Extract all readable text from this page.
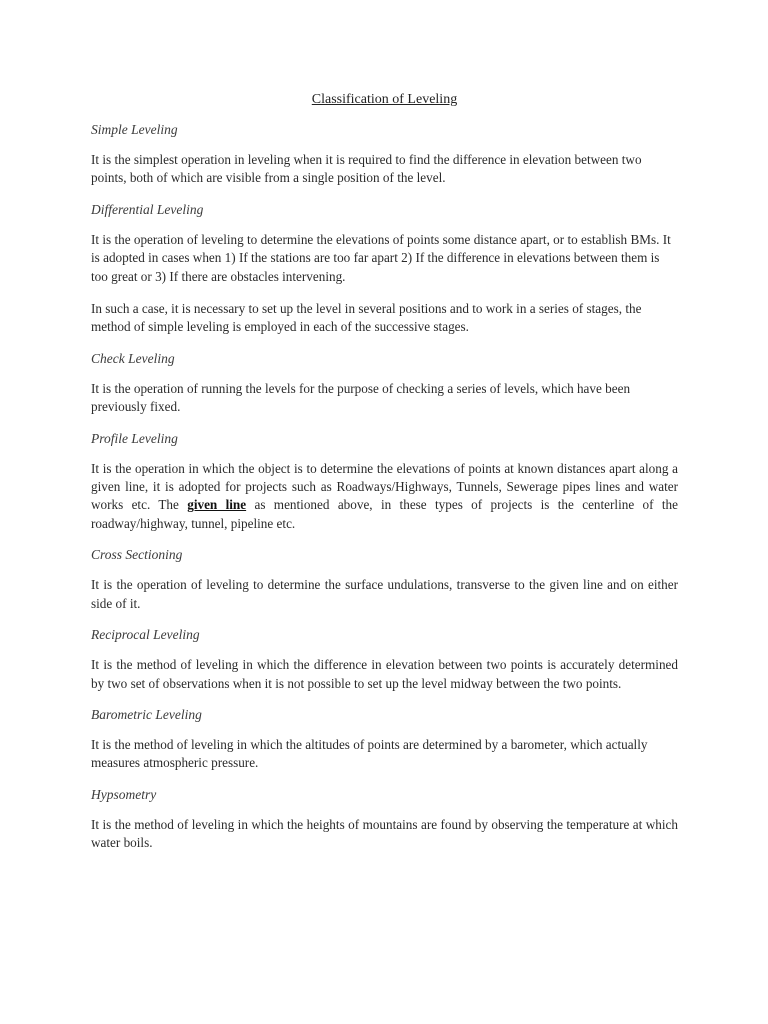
Classification of Leveling
Simple Leveling
It is the simplest operation in leveling when it is required to find the difference in elevation between two points, both of which are visible from a single position of the level.
Differential Leveling
It is the operation of leveling to determine the elevations of points some distance apart, or to establish BMs. It is adopted in cases when 1) If the stations are too far apart 2) If the difference in elevations between them is too great or 3) If there are obstacles intervening.
In such a case, it is necessary to set up the level in several positions and to work in a series of stages, the method of simple leveling is employed in each of the successive stages.
Check Leveling
It is the operation of running the levels for the purpose of checking a series of levels, which have been previously fixed.
Profile Leveling
It is the operation in which the object is to determine the elevations of points at known distances apart along a given line, it is adopted for projects such as Roadways/Highways, Tunnels, Sewerage pipes lines and water works etc. The given line as mentioned above, in these types of projects is the centerline of the roadway/highway, tunnel, pipeline etc.
Cross Sectioning
It is the operation of leveling to determine the surface undulations, transverse to the given line and on either side of it.
Reciprocal Leveling
It is the method of leveling in which the difference in elevation between two points is accurately determined by two set of observations when it is not possible to set up the level midway between the two points.
Barometric Leveling
It is the method of leveling in which the altitudes of points are determined by a barometer, which actually measures atmospheric pressure.
Hypsometry
It is the method of leveling in which the heights of mountains are found by observing the temperature at which water boils.
